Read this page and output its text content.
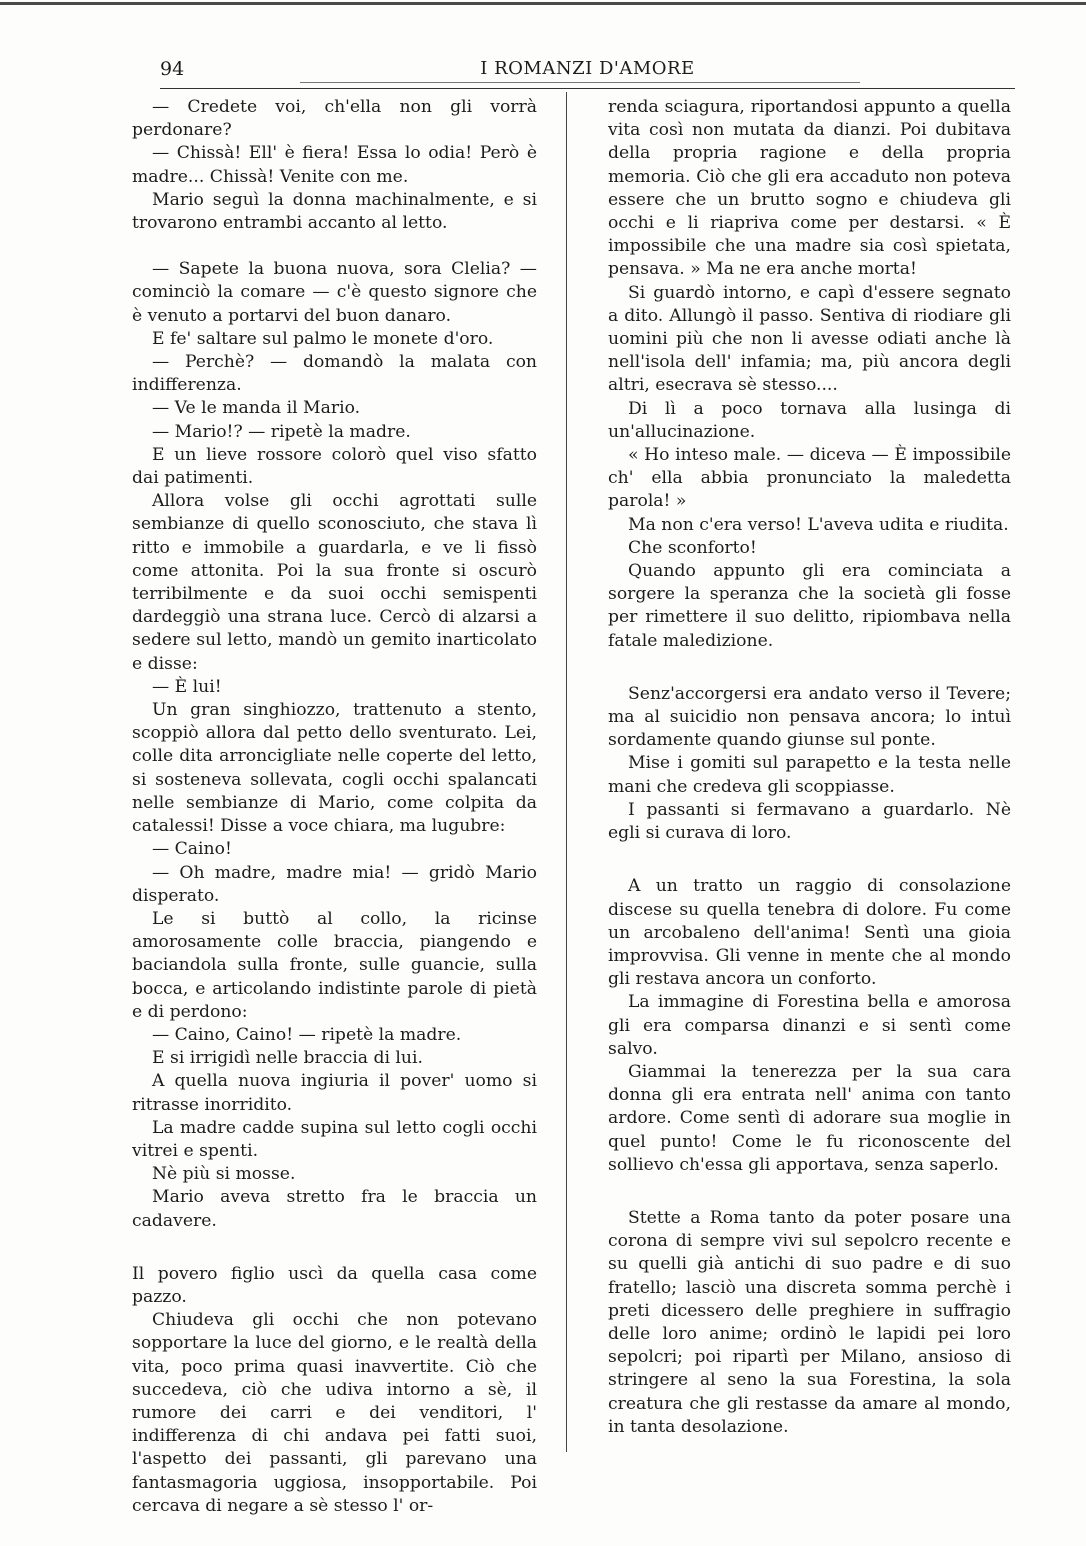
94	I ROMANZI D'AMORE

— Credete voi, ch'ella non gli vorrà perdonare?

— Chissà! Ell' è fiera! Essa lo odia! Però è madre... Chissà! Venite con me.

Mario seguì la donna machinalmente, e si trovarono entrambi accanto al letto.

— Sapete la buona nuova, sora Clelia? — cominciò la comare — c'è questo signore che è venuto a portarvi del buon danaro.

E fe' saltare sul palmo le monete d'oro.

— Perchè? — domandò la malata con indifferenza.

— Ve le manda il Mario.

— Mario!? — ripetè la madre.

E un lieve rossore colorò quel viso sfatto dai patimenti.

Allora volse gli occhi agrottati sulle sembianze di quello sconosciuto, che stava lì ritto e immobile a guardarla, e ve li fissò come attonita. Poi la sua fronte si oscurò terribilmente e da suoi occhi semispenti dardeggiò una strana luce. Cercò di alzarsi a sedere sul letto, mandò un gemito inarticolato e disse:

— È lui!

Un gran singhiozzo, trattenuto a stento, scoppiò allora dal petto dello sventurato. Lei, colle dita arroncigliate nelle coperte del letto, si sosteneva sollevata, cogli occhi spalancati nelle sembianze di Mario, come colpita da catalessi! Disse a voce chiara, ma lugubre:

— Caino!

— Oh madre, madre mia! — gridò Mario disperato.

Le si buttò al collo, la ricinse amorosamente colle braccia, piangendo e baciandola sulla fronte, sulle guancie, sulla bocca, e articolando indistinte parole di pietà e di perdono:

— Caino, Caino! — ripetè la madre.

E si irrigidì nelle braccia di lui.

A quella nuova ingiuria il pover' uomo si ritrasse inorridito.

La madre cadde supina sul letto cogli occhi vitrei e spenti.

Nè più si mosse.

Mario aveva stretto fra le braccia un cadavere.

Il povero figlio uscì da quella casa come pazzo.

Chiudeva gli occhi che non potevano sopportare la luce del giorno, e le realtà della vita, poco prima quasi inavvertite. Ciò che succedeva, ciò che udiva intorno a sè, il rumore dei carri e dei venditori, l' indifferenza di chi andava pei fatti suoi, l'aspetto dei passanti, gli parevano una fantasmagoria uggiosa, insopportabile. Poi cercava di negare a sè stesso l' or-

renda sciagura, riportandosi appunto a quella vita così non mutata da dianzi. Poi dubitava della propria ragione e della propria memoria. Ciò che gli era accaduto non poteva essere che un brutto sogno e chiudeva gli occhi e li riapriva come per destarsi. « È impossibile che una madre sia così spietata, pensava. » Ma ne era anche morta!

Si guardò intorno, e capì d'essere segnato a dito. Allungò il passo. Sentiva di riodiare gli uomini più che non li avesse odiati anche là nell'isola dell' infamia; ma, più ancora degli altri, esecrava sè stesso....

Di lì a poco tornava alla lusinga di un'allucinazione.

« Ho inteso male. — diceva — È impossibile ch' ella abbia pronunciato la maledetta parola! »

Ma non c'era verso! L'aveva udita e riudita.

Che sconforto!

Quando appunto gli era cominciata a sorgere la speranza che la società gli fosse per rimettere il suo delitto, ripiombava nella fatale maledizione.

Senz'accorgersi era andato verso il Tevere; ma al suicidio non pensava ancora; lo intuì sordamente quando giunse sul ponte.

Mise i gomiti sul parapetto e la testa nelle mani che credeva gli scoppiasse.

I passanti si fermavano a guardarlo. Nè egli si curava di loro.

A un tratto un raggio di consolazione discese su quella tenebra di dolore. Fu come un arcobaleno dell'anima! Sentì una gioia improvvisa. Gli venne in mente che al mondo gli restava ancora un conforto.

La immagine di Forestina bella e amorosa gli era comparsa dinanzi e si sentì come salvo.

Giammai la tenerezza per la sua cara donna gli era entrata nell' anima con tanto ardore. Come sentì di adorare sua moglie in quel punto! Come le fu riconoscente del sollievo ch'essa gli apportava, senza saperlo.

Stette a Roma tanto da poter posare una corona di sempre vivi sul sepolcro recente e su quelli già antichi di suo padre e di suo fratello; lasciò una discreta somma perchè i preti dicessero delle preghiere in suffragio delle loro anime; ordinò le lapidi pei loro sepolcri; poi ripartì per Milano, ansioso di stringere al seno la sua Forestina, la sola creatura che gli restasse da amare al mondo, in tanta desolazione.
